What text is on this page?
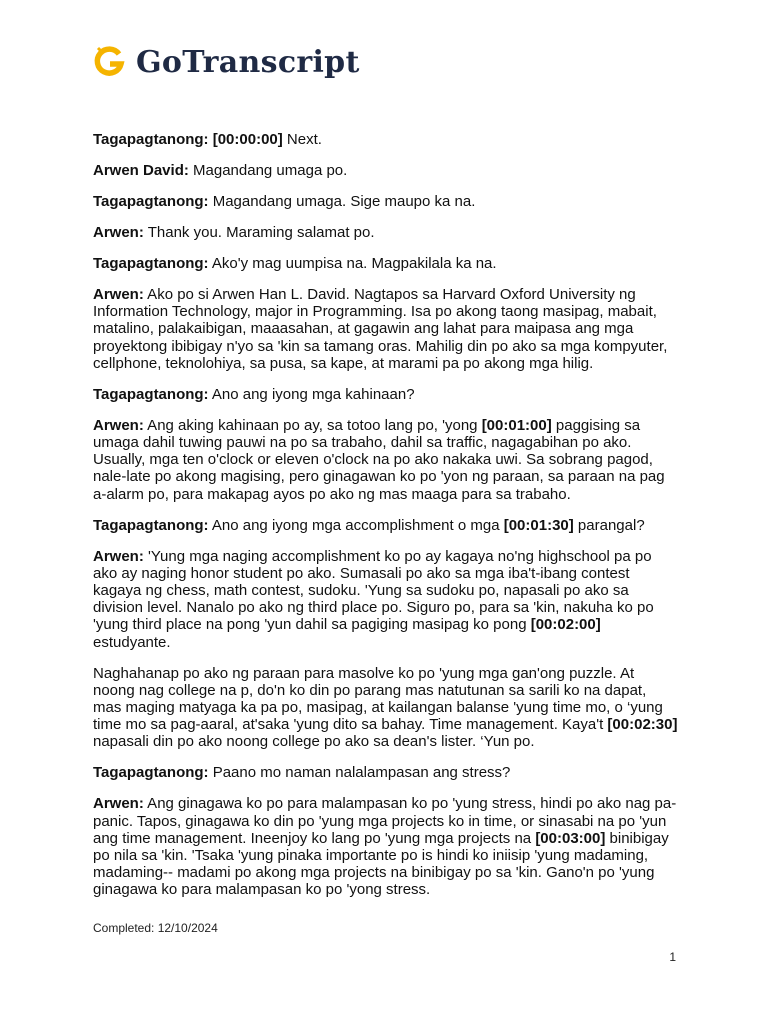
GoTranscript

Tagapagtanong: [00:00:00] Next.

Arwen David: Magandang umaga po.

Tagapagtanong: Magandang umaga. Sige maupo ka na.

Arwen: Thank you. Maraming salamat po.

Tagapagtanong: Ako'y mag uumpisa na. Magpakilala ka na.

Arwen: Ako po si Arwen Han L. David. Nagtapos sa Harvard Oxford University ng Information Technology, major in Programming. Isa po akong taong masipag, mabait, matalino, palakaibigan, maaasahan, at gagawin ang lahat para maipasa ang mga proyektong ibibigay n'yo sa 'kin sa tamang oras. Mahilig din po ako sa mga kompyuter, cellphone, teknolohiya, sa pusa, sa kape, at marami pa po akong mga hilig.

Tagapagtanong: Ano ang iyong mga kahinaan?

Arwen: Ang aking kahinaan po ay, sa totoo lang po, 'yong [00:01:00] paggising sa umaga dahil tuwing pauwi na po sa trabaho, dahil sa traffic, nagagabihan po ako. Usually, mga ten o'clock or eleven o'clock na po ako nakaka uwi. Sa sobrang pagod, nale-late po akong magising, pero ginagawan ko po 'yon ng paraan, sa paraan na pag a-alarm po, para makapag ayos po ako ng mas maaga para sa trabaho.

Tagapagtanong: Ano ang iyong mga accomplishment o mga [00:01:30] parangal?

Arwen: 'Yung mga naging accomplishment ko po ay kagaya no'ng highschool pa po ako ay naging honor student po ako. Sumasali po ako sa mga iba't-ibang contest kagaya ng chess, math contest, sudoku. 'Yung sa sudoku po, napasali po ako sa division level. Nanalo po ako ng third place po. Siguro po, para sa 'kin, nakuha ko po 'yung third place na pong 'yun dahil sa pagiging masipag ko pong [00:02:00] estudyante.

Naghahanap po ako ng paraan para masolve ko po 'yung mga gan'ong puzzle. At noong nag college na p, do'n ko din po parang mas natutunan sa sarili ko na dapat, mas maging matyaga ka pa po, masipag, at kailangan balanse 'yung time mo, o ‘yung time mo sa pag-aaral, at'saka 'yung dito sa bahay. Time management. Kaya't [00:02:30] napasali din po ako noong college po ako sa dean's lister. ‘Yun po.

Tagapagtanong: Paano mo naman nalalampasan ang stress?

Arwen: Ang ginagawa ko po para malampasan ko po 'yung stress, hindi po ako nag pa-panic. Tapos, ginagawa ko din po 'yung mga projects ko in time, or sinasabi na po 'yun ang time management. Ineenjoy ko lang po 'yung mga projects na [00:03:00] binibigay po nila sa 'kin. 'Tsaka 'yung pinaka importante po is hindi ko iniisip 'yung madaming, madaming-- madami po akong mga projects na binibigay po sa 'kin. Gano'n po 'yung ginagawa ko para malampasan ko po 'yong stress.

Completed: 12/10/2024
1
